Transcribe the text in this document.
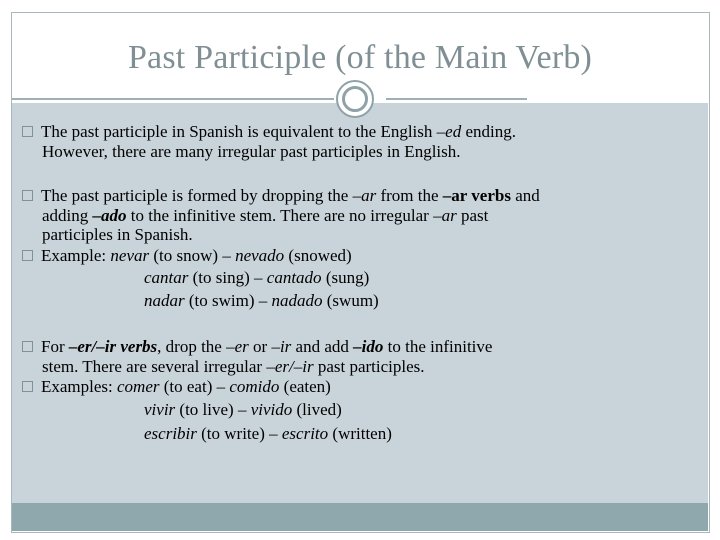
Past Participle (of the Main Verb)
The past participle in Spanish is equivalent to the English –ed ending.
However, there are many irregular past participles in English.
The past participle is formed by dropping the –ar from the –ar verbs and
adding –ado to the infinitive stem. There are no irregular –ar past
participles in Spanish.
Example: nevar (to snow) – nevado (snowed)
cantar (to sing) – cantado (sung)
nadar (to swim) – nadado (swum)
For –er/–ir verbs, drop the –er or –ir and add –ido to the infinitive
stem. There are several irregular –er/–ir past participles.
Examples: comer (to eat) – comido (eaten)
vivir (to live) – vivido (lived)
escribir (to write) – escrito (written)
